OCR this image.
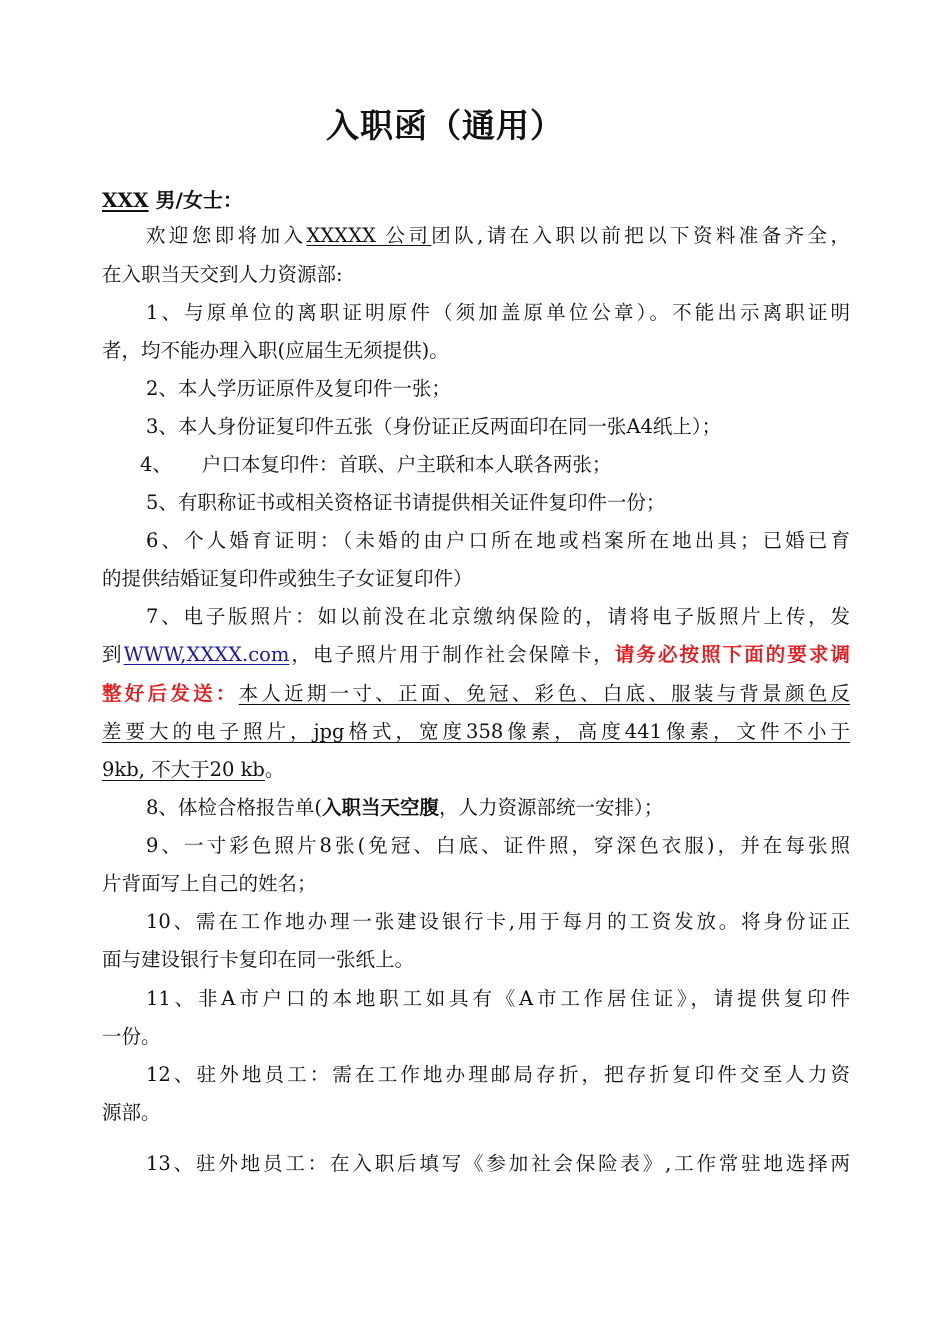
入职函（通用）
XXX 男/女士：
欢迎您即将加入XXXXX 公司团队,请在入职以前把以下资料准备齐全，
在入职当天交到人力资源部:
1、与原单位的离职证明原件（须加盖原单位公章）。不能出示离职证明
者，均不能办理入职(应届生无须提供)。
2、本人学历证原件及复印件一张；
3、本人身份证复印件五张（身份证正反两面印在同一张A4纸上）；
4、 户口本复印件：首联、户主联和本人联各两张；
5、有职称证书或相关资格证书请提供相关证件复印件一份；
6、个人婚育证明：（未婚的由户口所在地或档案所在地出具；已婚已育
的提供结婚证复印件或独生子女证复印件）
7、电子版照片：如以前没在北京缴纳保险的，请将电子版照片上传，发
到WWW,XXXX.com，电子照片用于制作社会保障卡，请务必按照下面的要求调
整好后发送：本人近期一寸、正面、免冠、彩色、白底、服装与背景颜色反
差要大的电子照片，jpg格式，宽度358像素，高度441像素，文件不小于
9kb, 不大于20 kb。
8、体检合格报告单(入职当天空腹，人力资源部统一安排）；
9、一寸彩色照片8张(免冠、白底、证件照，穿深色衣服)，并在每张照
片背面写上自己的姓名；
10、需在工作地办理一张建设银行卡,用于每月的工资发放。将身份证正
面与建设银行卡复印在同一张纸上。
11、非A市户口的本地职工如具有《A市工作居住证》，请提供复印件
一份。
12、驻外地员工：需在工作地办理邮局存折，把存折复印件交至人力资
源部。
13、驻外地员工：在入职后填写《参加社会保险表》,工作常驻地选择两
